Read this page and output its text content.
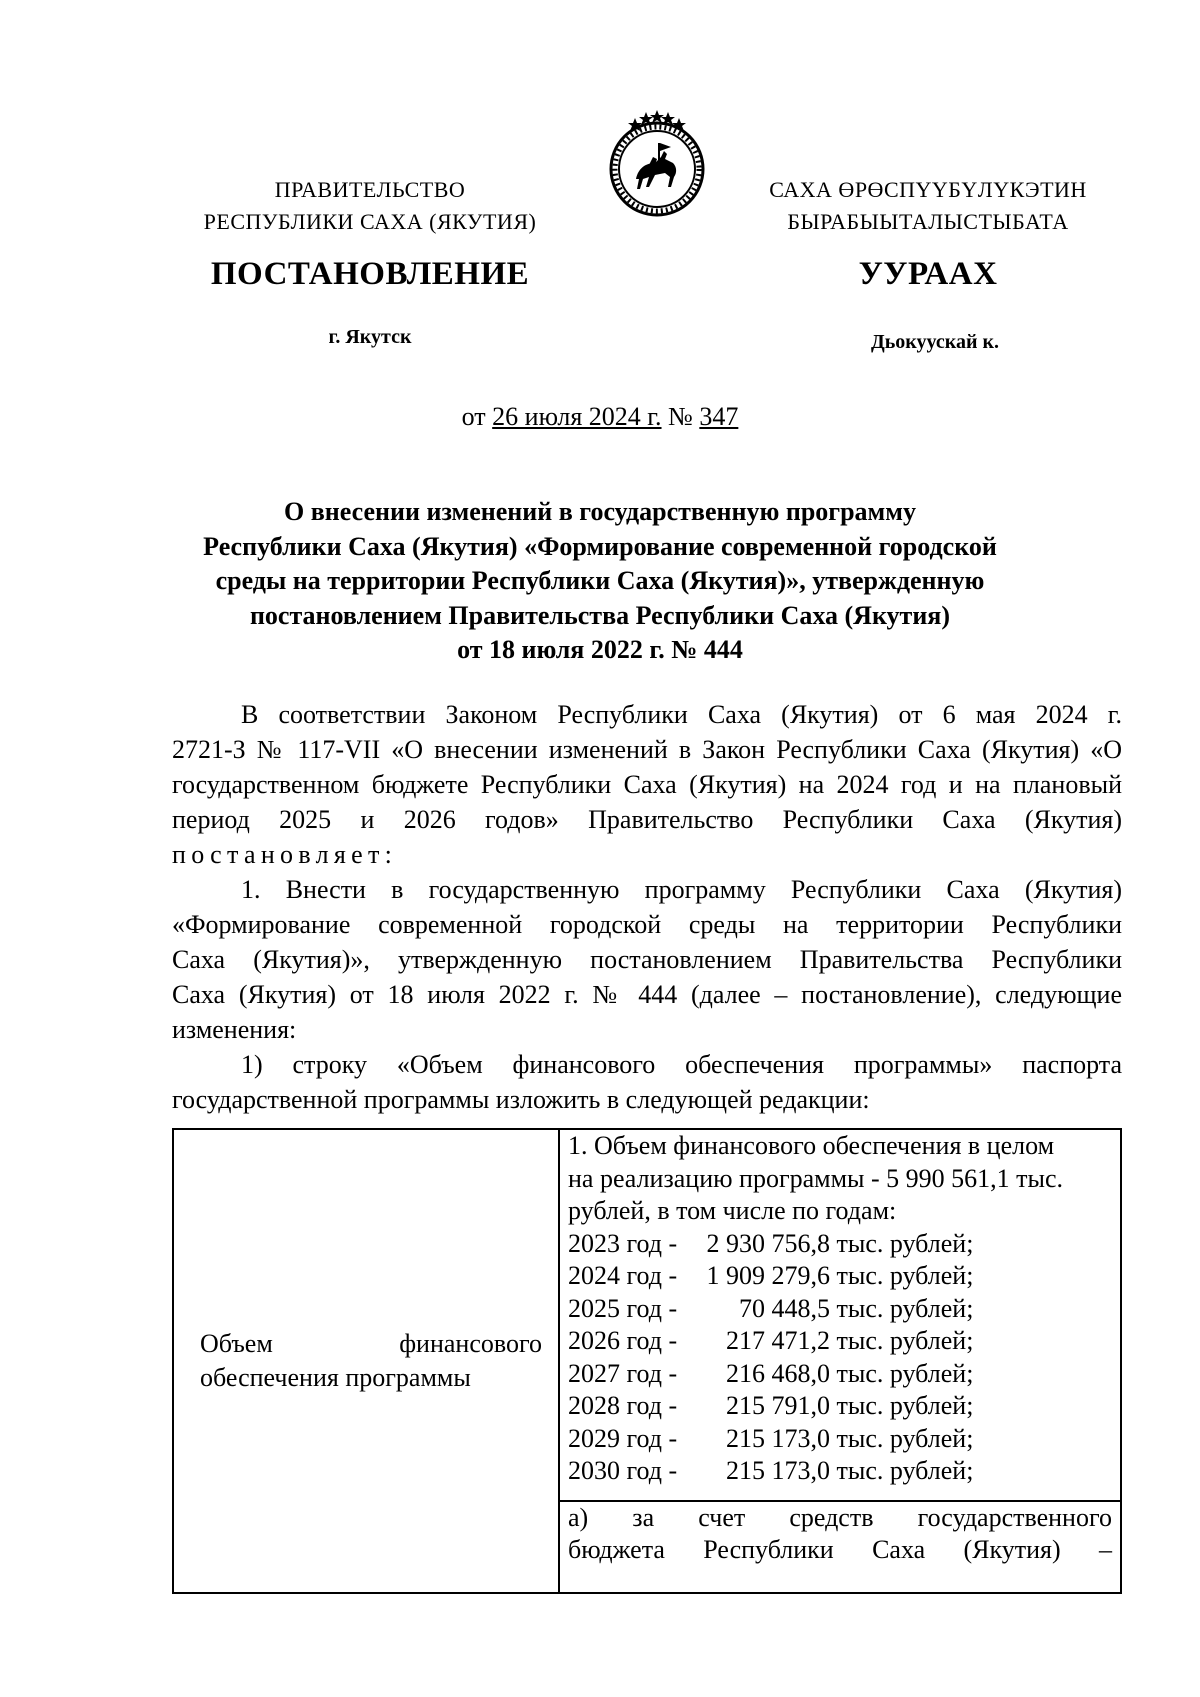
ПРАВИТЕЛЬСТВО
РЕСПУБЛИКИ САХА (ЯКУТИЯ)
САХА ӨРӨСПҮҮБҮЛҮКЭТИН
БЫРАБЫЫТАЛЫСТЫБАТА
ПОСТАНОВЛЕНИЕ	УУРААХ
г. Якутск	Дьокуускай к.
от 26 июля 2024 г. № 347
О внесении изменений в государственную программу
Республики Саха (Якутия) «Формирование современной городской
среды на территории Республики Саха (Якутия)», утвержденную
постановлением Правительства Республики Саха (Якутия)
от 18 июля 2022 г. № 444
В соответствии Законом Республики Саха (Якутия) от 6 мая 2024 г.
2721-З № 117-VII «О внесении изменений в Закон Республики Саха (Якутия) «О
государственном бюджете Республики Саха (Якутия) на 2024 год и на плановый
период 2025 и 2026 годов» Правительство Республики Саха (Якутия)
постановляет:
1. Внести в государственную программу Республики Саха (Якутия)
«Формирование современной городской среды на территории Республики
Саха (Якутия)», утвержденную постановлением Правительства Республики
Саха (Якутия) от 18 июля 2022 г. № 444 (далее – постановление), следующие
изменения:
1) строку «Объем финансового обеспечения программы» паспорта
государственной программы изложить в следующей редакции:
Объем	финансового
обеспечения программы

1. Объем финансового обеспечения в целом
на реализацию программы - 5 990 561,1 тыс.
рублей, в том числе по годам:
2023 год - 2 930 756,8 тыс. рублей;
2024 год - 1 909 279,6 тыс. рублей;
2025 год - 70 448,5 тыс. рублей;
2026 год - 217 471,2 тыс. рублей;
2027 год - 216 468,0 тыс. рублей;
2028 год - 215 791,0 тыс. рублей;
2029 год - 215 173,0 тыс. рублей;
2030 год - 215 173,0 тыс. рублей;

а) за счет средств государственного
бюджета Республики Саха (Якутия) –
